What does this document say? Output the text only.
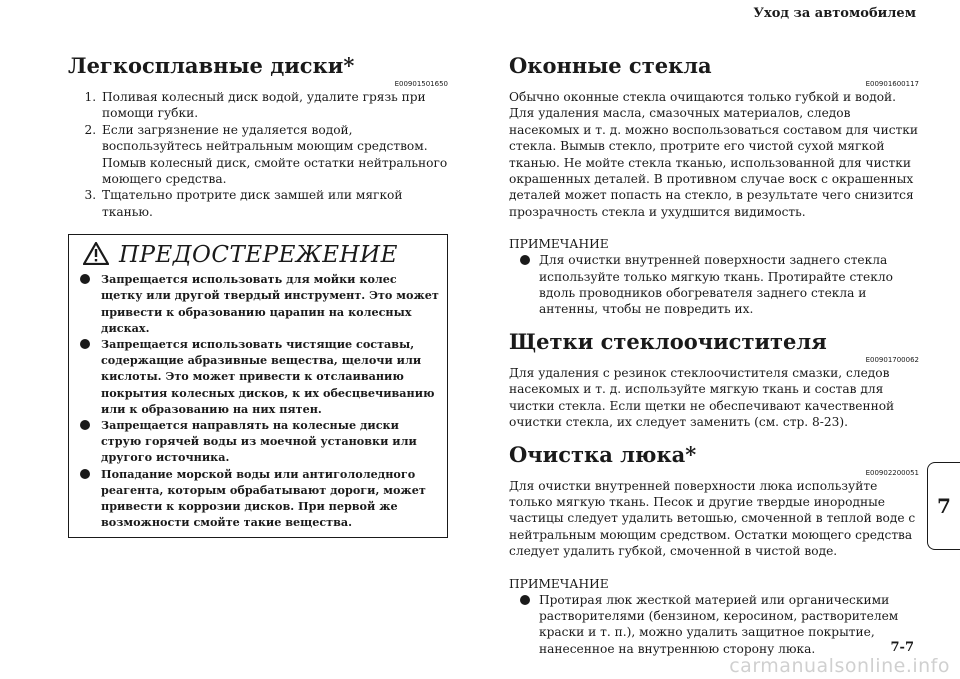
Уход за автомобилем
Легкосплавные диски*
E00901501650
1. Поливая колесный диск водой, удалите грязь при помощи губки.
2. Если загрязнение не удаляется водой, воспользуйтесь нейтральным моющим средством. Помыв колесный диск, смойте остатки нейтрального моющего средства.
3. Тщательно протрите диск замшей или мягкой тканью.
ПРЕДОСТЕРЕЖЕНИЕ
Запрещается использовать для мойки колес щетку или другой твердый инструмент. Это может привести к образованию царапин на колесных дисках.
Запрещается использовать чистящие составы, содержащие абразивные вещества, щелочи или кислоты. Это может привести к отслаиванию покрытия колесных дисков, к их обесцвечиванию или к образованию на них пятен.
Запрещается направлять на колесные диски струю горячей воды из моечной установки или другого источника.
Попадание морской воды или антигололедного реагента, которым обрабатывают дороги, может привести к коррозии дисков. При первой же возможности смойте такие вещества.
Оконные стекла
E00901600117

Обычно оконные стекла очищаются только губкой и водой. Для удаления масла, смазочных материалов, следов насекомых и т. д. можно воспользоваться составом для чистки стекла. Вымыв стекло, протрите его чистой сухой мягкой тканью. Не мойте стекла тканью, использованной для чистки окрашенных деталей. В противном случае воск с окрашенных деталей может попасть на стекло, в результате чего снизится прозрачность стекла и ухудшится видимость.

ПРИМЕЧАНИЕ
Для очистки внутренней поверхности заднего стекла используйте только мягкую ткань. Протирайте стекло вдоль проводников обогревателя заднего стекла и антенны, чтобы не повредить их.
Щетки стеклоочистителя
E00901700062

Для удаления с резинок стеклоочистителя смазки, следов насекомых и т. д. используйте мягкую ткань и состав для чистки стекла. Если щетки не обеспечивают качественной очистки стекла, их следует заменить (см. стр. 8-23).

Очистка люка*
E00902200051

Для очистки внутренней поверхности люка используйте только мягкую ткань. Песок и другие твердые инородные частицы следует удалить ветошью, смоченной в теплой воде с нейтральным моющим средством. Остатки моющего средства следует удалить губкой, смоченной в чистой воде.

ПРИМЕЧАНИЕ
Протирая люк жесткой материей или органическими растворителями (бензином, керосином, растворителем краски и т. п.), можно удалить защитное покрытие, нанесенное на внутреннюю сторону люка.
7
7-7
carmanualsonline.info
